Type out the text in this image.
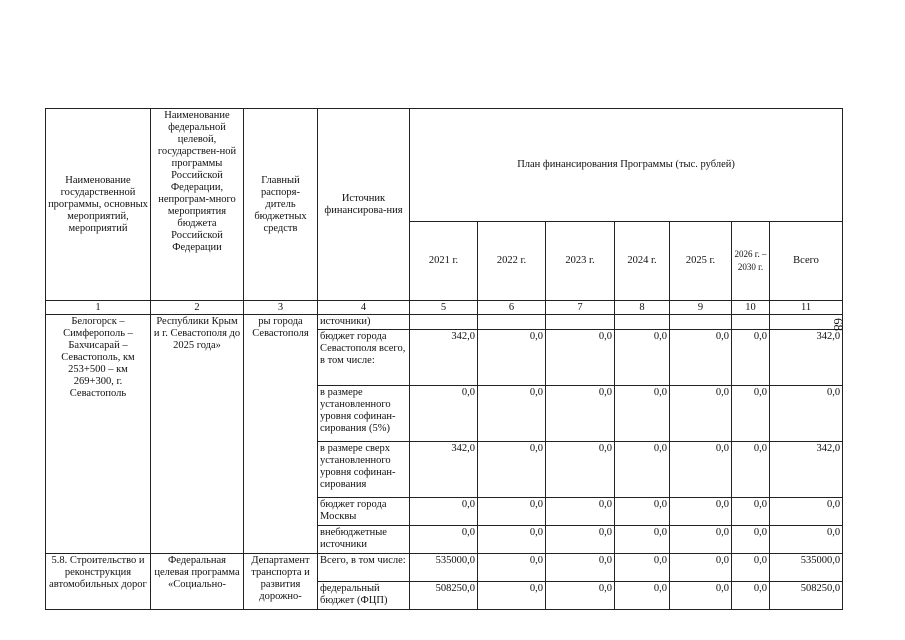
Наименование государственной программы, основных мероприятий, мероприятий	Наименование федеральной целевой, государствен-ной программы Российской Федерации, непрограм-много мероприятия бюджета Российской Федерации	Главный распоря-дитель бюджетных средств	Источник финансирова-ния	План финансирования Программы (тыс. рублей)						
				2021 г.	2022 г.	2023 г.	2024 г.	2025 г.	2026 г. – 2030 г.	Всего
1	2	3	4	5	6	7	8	9	10	11
Белогорск – Симферополь – Бахчисарай – Севастополь, км 253+500 – км 269+300, г. Севастополь	Республики Крым и г. Севастополя до 2025 года»	ры города Севастополя	источники)							
			бюджет города Севастополя всего, в том числе:	342,0	0,0	0,0	0,0	0,0	0,0	342,0
			в размере установленного уровня софинан-сирования (5%)	0,0	0,0	0,0	0,0	0,0	0,0	0,0
			в размере сверх установленного уровня софинан-сирования	342,0	0,0	0,0	0,0	0,0	0,0	342,0
			бюджет города Москвы	0,0	0,0	0,0	0,0	0,0	0,0	0,0
			внебюджетные источники	0,0	0,0	0,0	0,0	0,0	0,0	0,0
5.8. Строительство и реконструкция автомобильных дорог	Федеральная целевая программа «Социально-	Департамент транспорта и развития дорожно-	Всего, в том числе:	535000,0	0,0	0,0	0,0	0,0	0,0	535000,0
			федеральный бюджет (ФЦП)	508250,0	0,0	0,0	0,0	0,0	0,0	508250,0
68
